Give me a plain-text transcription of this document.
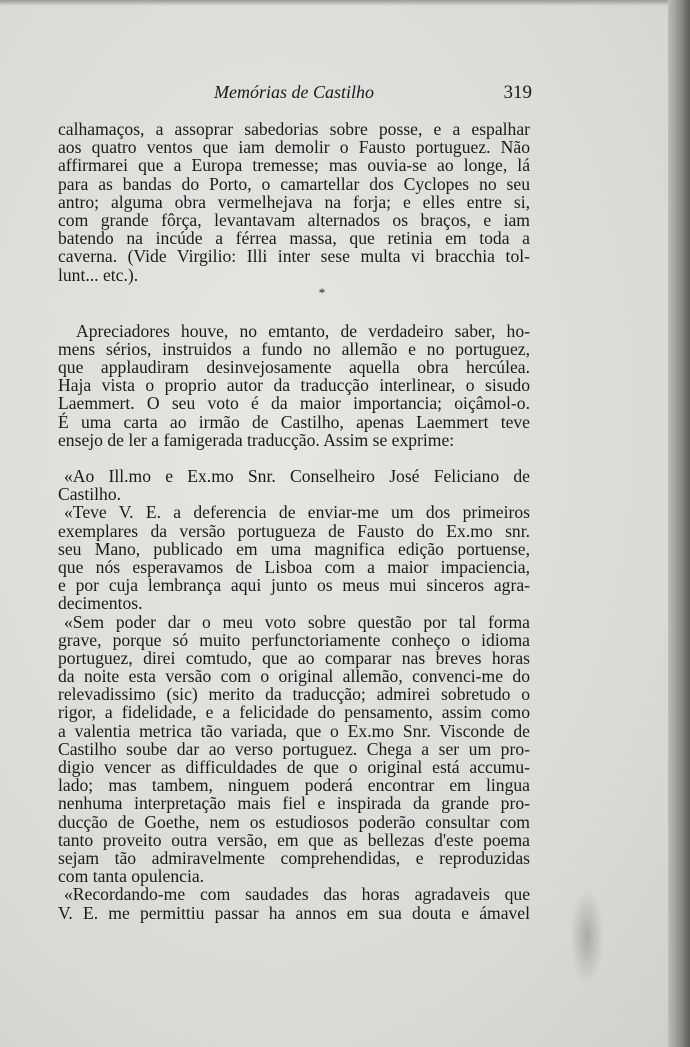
Memórias de Castilho	319
calhamaços, a assoprar sabedorias sobre posse, e a espalhar
aos quatro ventos que iam demolir o Fausto portuguez. Não
affirmarei que a Europa tremesse; mas ouvia-se ao longe, lá
para as bandas do Porto, o camartellar dos Cyclopes no seu
antro; alguma obra vermelhejava na forja; e elles entre si,
com grande fôrça, levantavam alternados os braços, e iam
batendo na incúde a férrea massa, que retinia em toda a
caverna. (Vide Virgilio: Illi inter sese multa vi bracchia tol-
lunt... etc.).
*
Apreciadores houve, no emtanto, de verdadeiro saber, ho-
mens sérios, instruidos a fundo no allemão e no portuguez,
que applaudiram desinvejosamente aquella obra hercúlea.
Haja vista o proprio autor da traducção interlinear, o sisudo
Laemmert. O seu voto é da maior importancia; oiçâmol-o.
É uma carta ao irmão de Castilho, apenas Laemmert teve
ensejo de ler a famigerada traducção. Assim se exprime:
«Ao Ill.mo e Ex.mo Snr. Conselheiro José Feliciano de
Castilho.
«Teve V. E. a deferencia de enviar-me um dos primeiros
exemplares da versão portugueza de Fausto do Ex.mo snr.
seu Mano, publicado em uma magnifica edição portuense,
que nós esperavamos de Lisboa com a maior impaciencia,
e por cuja lembrança aqui junto os meus mui sinceros agra-
decimentos.
«Sem poder dar o meu voto sobre questão por tal forma
grave, porque só muito perfunctoriamente conheço o idioma
portuguez, direi comtudo, que ao comparar nas breves horas
da noite esta versão com o original allemão, convenci-me do
relevadissimo (sic) merito da traducção; admirei sobretudo o
rigor, a fidelidade, e a felicidade do pensamento, assim como
a valentia metrica tão variada, que o Ex.mo Snr. Visconde de
Castilho soube dar ao verso portuguez. Chega a ser um pro-
digio vencer as difficuldades de que o original está accumu-
lado; mas tambem, ninguem poderá encontrar em lingua
nenhuma interpretação mais fiel e inspirada da grande pro-
ducção de Goethe, nem os estudiosos poderão consultar com
tanto proveito outra versão, em que as bellezas d'este poema
sejam tão admiravelmente comprehendidas, e reproduzidas
com tanta opulencia.
«Recordando-me com saudades das horas agradaveis que
V. E. me permittiu passar ha annos em sua douta e ámavel
